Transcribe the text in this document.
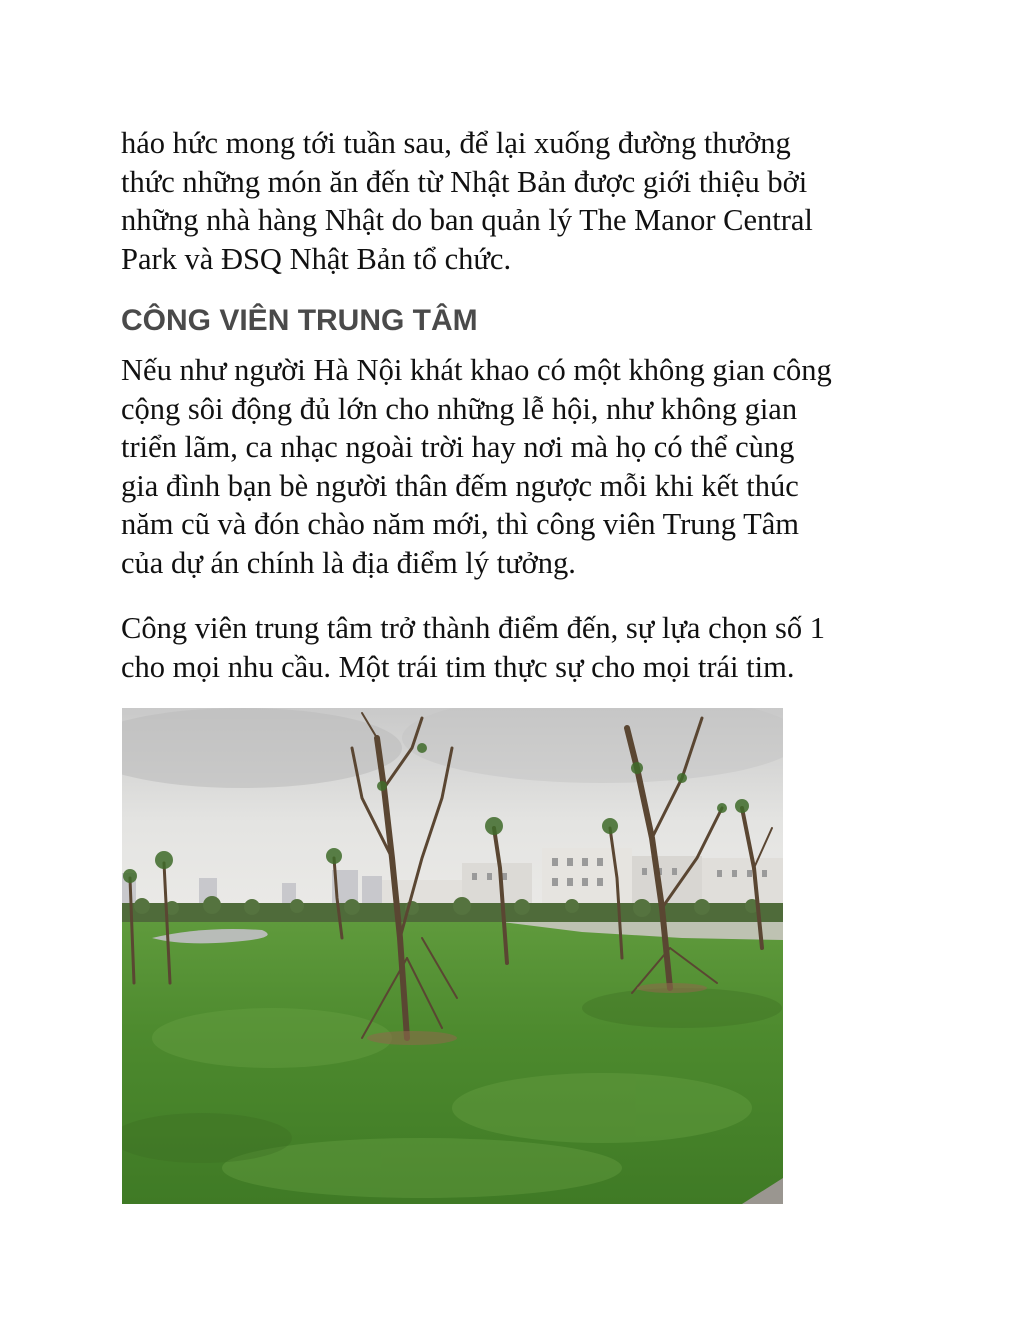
háo hức mong tới tuần sau, để lại xuống đường thưởng
thức những món ăn đến từ Nhật Bản được giới thiệu bởi
những nhà hàng Nhật do ban quản lý The Manor Central
Park và ĐSQ Nhật Bản tổ chức.

CÔNG VIÊN TRUNG TÂM

Nếu như người Hà Nội khát khao có một không gian công
cộng sôi động đủ lớn cho những lễ hội, như không gian
triển lãm, ca nhạc ngoài trời hay nơi mà họ có thể cùng
gia đình bạn bè người thân đếm ngược mỗi khi kết thúc
năm cũ và đón chào năm mới, thì công viên Trung Tâm
của dự án chính là địa điểm lý tưởng.

Công viên trung tâm trở thành điểm đến, sự lựa chọn số 1
cho mọi nhu cầu. Một trái tim thực sự cho mọi trái tim.
